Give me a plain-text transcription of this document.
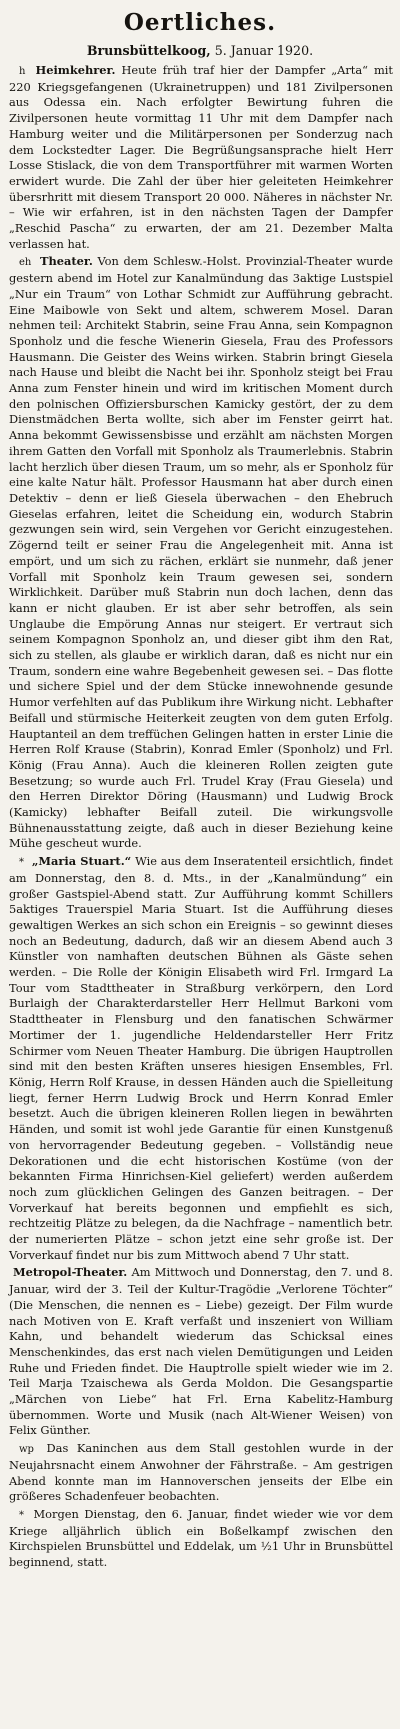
Oertliches.
Brunsbüttelkoog, 5. Januar 1920.

h Heimkehrer. Heute früh traf hier der Dampfer „Arta“ mit 220 Kriegsgefangenen (Ukrainetruppen) und 181 Zivilpersonen aus Odessa ein. Nach erfolgter Bewirtung fuhren die Zivilpersonen heute vormittag 11 Uhr mit dem Dampfer nach Hamburg weiter und die Militärpersonen per Sonderzug nach dem Lockstedter Lager. Die Begrüßungsansprache hielt Herr Losse Stislack, die von dem Transportführer mit warmen Worten erwidert wurde. Die Zahl der über hier geleiteten Heimkehrer übersrhritt mit diesem Transport 20 000. Näheres in nächster Nr. – Wie wir erfahren, ist in den nächsten Tagen der Dampfer „Reschid Pascha“ zu erwarten, der am 21. Dezember Malta verlassen hat.

eh Theater. Von dem Schlesw.-Holst. Provinzial-Theater wurde gestern abend im Hotel zur Kanalmündung das 3aktige Lustspiel „Nur ein Traum“ von Lothar Schmidt zur Aufführung gebracht. Eine Maibowle von Sekt und altem, schwerem Mosel. Daran nehmen teil: Architekt Stabrin, seine Frau Anna, sein Kompagnon Sponholz und die fesche Wienerin Giesela, Frau des Professors Hausmann. Die Geister des Weins wirken. Stabrin bringt Giesela nach Hause und bleibt die Nacht bei ihr. Sponholz steigt bei Frau Anna zum Fenster hinein und wird im kritischen Moment durch den polnischen Offiziersburschen Kamicky gestört, der zu dem Dienstmädchen Berta wollte, sich aber im Fenster geirrt hat. Anna bekommt Gewissensbisse und erzählt am nächsten Morgen ihrem Gatten den Vorfall mit Sponholz als Traumerlebnis. Stabrin lacht herzlich über diesen Traum, um so mehr, als er Sponholz für eine kalte Natur hält. Professor Hausmann hat aber durch einen Detektiv – denn er ließ Giesela überwachen – den Ehebruch Gieselas erfahren, leitet die Scheidung ein, wodurch Stabrin gezwungen sein wird, sein Vergehen vor Gericht einzugestehen. Zögernd teilt er seiner Frau die Angelegenheit mit. Anna ist empört, und um sich zu rächen, erklärt sie nunmehr, daß jener Vorfall mit Sponholz kein Traum gewesen sei, sondern Wirklichkeit. Darüber muß Stabrin nun doch lachen, denn das kann er nicht glauben. Er ist aber sehr betroffen, als sein Unglaube die Empörung Annas nur steigert. Er vertraut sich seinem Kompagnon Sponholz an, und dieser gibt ihm den Rat, sich zu stellen, als glaube er wirklich daran, daß es nicht nur ein Traum, sondern eine wahre Begebenheit gewesen sei. – Das flotte und sichere Spiel und der dem Stücke innewohnende gesunde Humor verfehlten auf das Publikum ihre Wirkung nicht. Lebhafter Beifall und stürmische Heiterkeit zeugten von dem guten Erfolg. Hauptanteil an dem treffüchen Gelingen hatten in erster Linie die Herren Rolf Krause (Stabrin), Konrad Emler (Sponholz) und Frl. König (Frau Anna). Auch die kleineren Rollen zeigten gute Besetzung; so wurde auch Frl. Trudel Kray (Frau Giesela) und den Herren Direktor Döring (Hausmann) und Ludwig Brock (Kamicky) lebhafter Beifall zuteil. Die wirkungsvolle Bühnenausstattung zeigte, daß auch in dieser Beziehung keine Mühe gescheut wurde.

* „Maria Stuart.“ Wie aus dem Inseratenteil ersichtlich, findet am Donnerstag, den 8. d. Mts., in der „Kanalmündung“ ein großer Gastspiel-Abend statt. Zur Aufführung kommt Schillers 5aktiges Trauerspiel Maria Stuart. Ist die Aufführung dieses gewaltigen Werkes an sich schon ein Ereignis – so gewinnt dieses noch an Bedeutung, dadurch, daß wir an diesem Abend auch 3 Künstler von namhaften deutschen Bühnen als Gäste sehen werden. – Die Rolle der Königin Elisabeth wird Frl. Irmgard La Tour vom Stadttheater in Straßburg verkörpern, den Lord Burlaigh der Charakterdarsteller Herr Hellmut Barkoni vom Stadttheater in Flensburg und den fanatischen Schwärmer Mortimer der 1. jugendliche Heldendarsteller Herr Fritz Schirmer vom Neuen Theater Hamburg. Die übrigen Hauptrollen sind mit den besten Kräften unseres hiesigen Ensembles, Frl. König, Herrn Rolf Krause, in dessen Händen auch die Spielleitung liegt, ferner Herrn Ludwig Brock und Herrn Konrad Emler besetzt. Auch die übrigen kleineren Rollen liegen in bewährten Händen, und somit ist wohl jede Garantie für einen Kunstgenuß von hervorragender Bedeutung gegeben. – Vollständig neue Dekorationen und die echt historischen Kostüme (von der bekannten Firma Hinrichsen-Kiel geliefert) werden außerdem noch zum glücklichen Gelingen des Ganzen beitragen. – Der Vorverkauf hat bereits begonnen und empfiehlt es sich, rechtzeitig Plätze zu belegen, da die Nachfrage – namentlich betr. der numerierten Plätze – schon jetzt eine sehr große ist. Der Vorverkauf findet nur bis zum Mittwoch abend 7 Uhr statt.

Metropol-Theater. Am Mittwoch und Donnerstag, den 7. und 8. Januar, wird der 3. Teil der Kultur-Tragödie „Verlorene Töchter“ (Die Menschen, die nennen es – Liebe) gezeigt. Der Film wurde nach Motiven von E. Kraft verfaßt und inszeniert von William Kahn, und behandelt wiederum das Schicksal eines Menschenkindes, das erst nach vielen Demütigungen und Leiden Ruhe und Frieden findet. Die Hauptrolle spielt wieder wie im 2. Teil Marja Tzaischewa als Gerda Moldon. Die Gesangspartie „Märchen von Liebe“ hat Frl. Erna Kabelitz-Hamburg übernommen. Worte und Musik (nach Alt-Wiener Weisen) von Felix Günther.

wp Das Kaninchen aus dem Stall gestohlen wurde in der Neujahrsnacht einem Anwohner der Fährstraße. – Am gestrigen Abend konnte man im Hannoverschen jenseits der Elbe ein größeres Schadenfeuer beobachten.

* Morgen Dienstag, den 6. Januar, findet wieder wie vor dem Kriege alljährlich üblich ein Boßelkampf zwischen den Kirchspielen Brunsbüttel und Eddelak, um ½1 Uhr in Brunsbüttel beginnend, statt.
